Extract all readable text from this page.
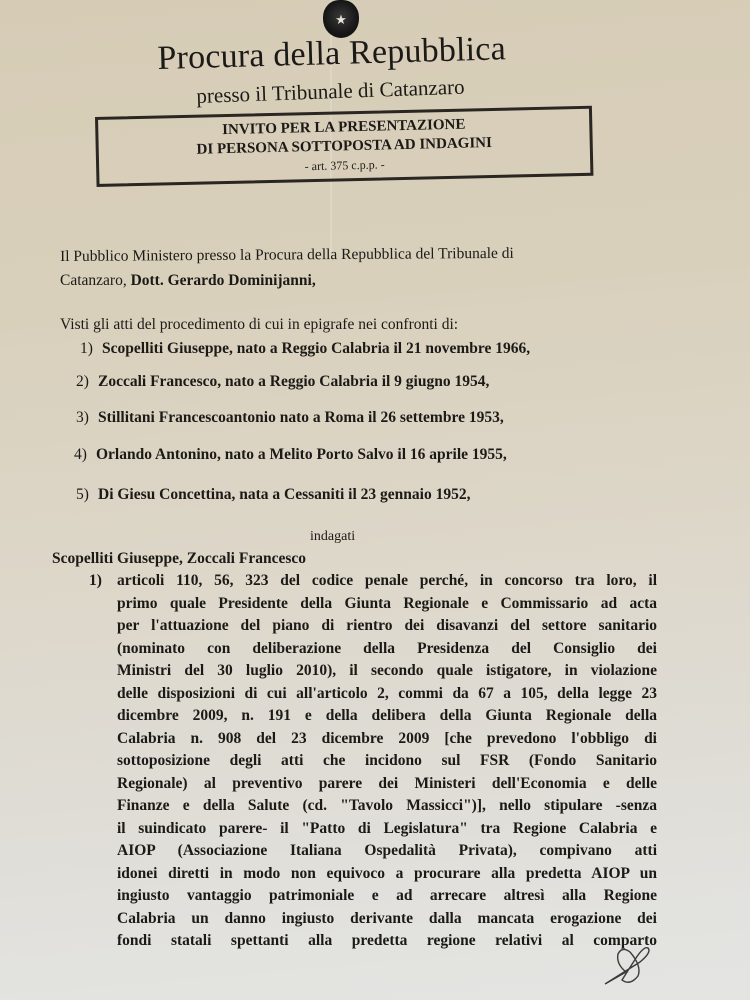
★
Procura della Repubblica
presso il Tribunale di Catanzaro
INVITO PER LA PRESENTAZIONE
DI PERSONA SOTTOPOSTA AD INDAGINI
- art. 375 c.p.p. -
Il Pubblico Ministero presso la Procura della Repubblica del Tribunale di
Catanzaro, Dott. Gerardo Dominijanni,
Visti gli atti del procedimento di cui in epigrafe nei confronti di:
1) Scopelliti Giuseppe, nato a Reggio Calabria il 21 novembre 1966,
2) Zoccali Francesco, nato a Reggio Calabria il 9 giugno 1954,
3) Stillitani Francescoantonio nato a Roma il 26 settembre 1953,
4) Orlando Antonino, nato a Melito Porto Salvo il 16 aprile 1955,
5) Di Giesu Concettina, nata a Cessaniti il 23 gennaio 1952,
indagati
Scopelliti Giuseppe, Zoccali Francesco
1) articoli 110, 56, 323 del codice penale perché, in concorso tra loro, il
primo quale Presidente della Giunta Regionale e Commissario ad acta
per l'attuazione del piano di rientro dei disavanzi del settore sanitario
(nominato con deliberazione della Presidenza del Consiglio dei
Ministri del 30 luglio 2010), il secondo quale istigatore, in violazione
delle disposizioni di cui all'articolo 2, commi da 67 a 105, della legge 23
dicembre 2009, n. 191 e della delibera della Giunta Regionale della
Calabria n. 908 del 23 dicembre 2009 [che prevedono l'obbligo di
sottoposizione degli atti che incidono sul FSR (Fondo Sanitario
Regionale) al preventivo parere dei Ministeri dell'Economia e delle
Finanze e della Salute (cd. "Tavolo Massicci")], nello stipulare -senza
il suindicato parere- il "Patto di Legislatura" tra Regione Calabria e
AIOP (Associazione Italiana Ospedalità Privata), compivano atti
idonei diretti in modo non equivoco a procurare alla predetta AIOP un
ingiusto vantaggio patrimoniale e ad arrecare altresì alla Regione
Calabria un danno ingiusto derivante dalla mancata erogazione dei
fondi statali spettanti alla predetta regione relativi al comparto
